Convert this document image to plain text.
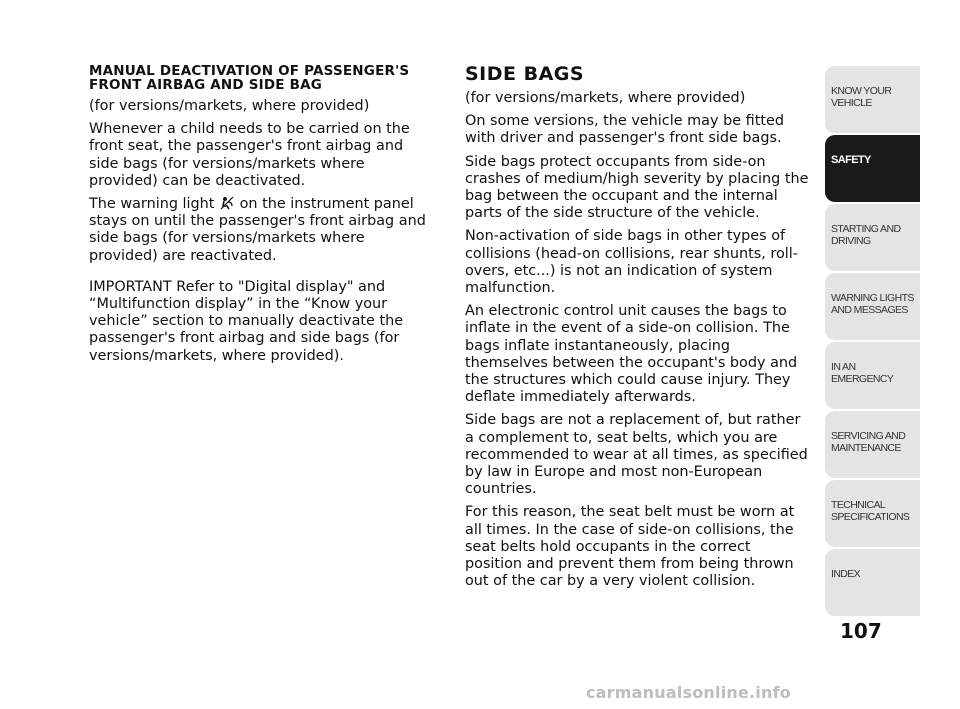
MANUAL DEACTIVATION OF PASSENGER'S FRONT AIRBAG AND SIDE BAG

(for versions/markets, where provided)

Whenever a child needs to be carried on the front seat, the passenger's front airbag and side bags (for versions/markets where provided) can be deactivated.

The warning light  on the instrument panel stays on until the passenger's front airbag and side bags (for versions/markets where provided) are reactivated.

IMPORTANT Refer to "Digital display" and “Multifunction display” in the “Know your vehicle” section to manually deactivate the passenger's front airbag and side bags (for versions/markets, where provided).

SIDE BAGS

(for versions/markets, where provided)

On some versions, the vehicle may be fitted with driver and passenger's front side bags.

Side bags protect occupants from side-on crashes of medium/high severity by placing the bag between the occupant and the internal parts of the side structure of the vehicle.

Non-activation of side bags in other types of collisions (head-on collisions, rear shunts, roll-overs, etc...) is not an indication of system malfunction.

An electronic control unit causes the bags to inflate in the event of a side-on collision. The bags inflate instantaneously, placing themselves between the occupant's body and the structures which could cause injury. They deflate immediately afterwards.

Side bags are not a replacement of, but rather a complement to, seat belts, which you are recommended to wear at all times, as specified by law in Europe and most non-European countries.

For this reason, the seat belt must be worn at all times. In the case of side-on collisions, the seat belts hold occupants in the correct position and prevent them from being thrown out of the car by a very violent collision.

KNOW YOUR
VEHICLE
SAFETY
STARTING AND
DRIVING
WARNING LIGHTS
AND MESSAGES
IN AN EMERGENCY
SERVICING AND
MAINTENANCE
TECHNICAL
SPECIFICATIONS
INDEX
107
carmanualsonline.info
